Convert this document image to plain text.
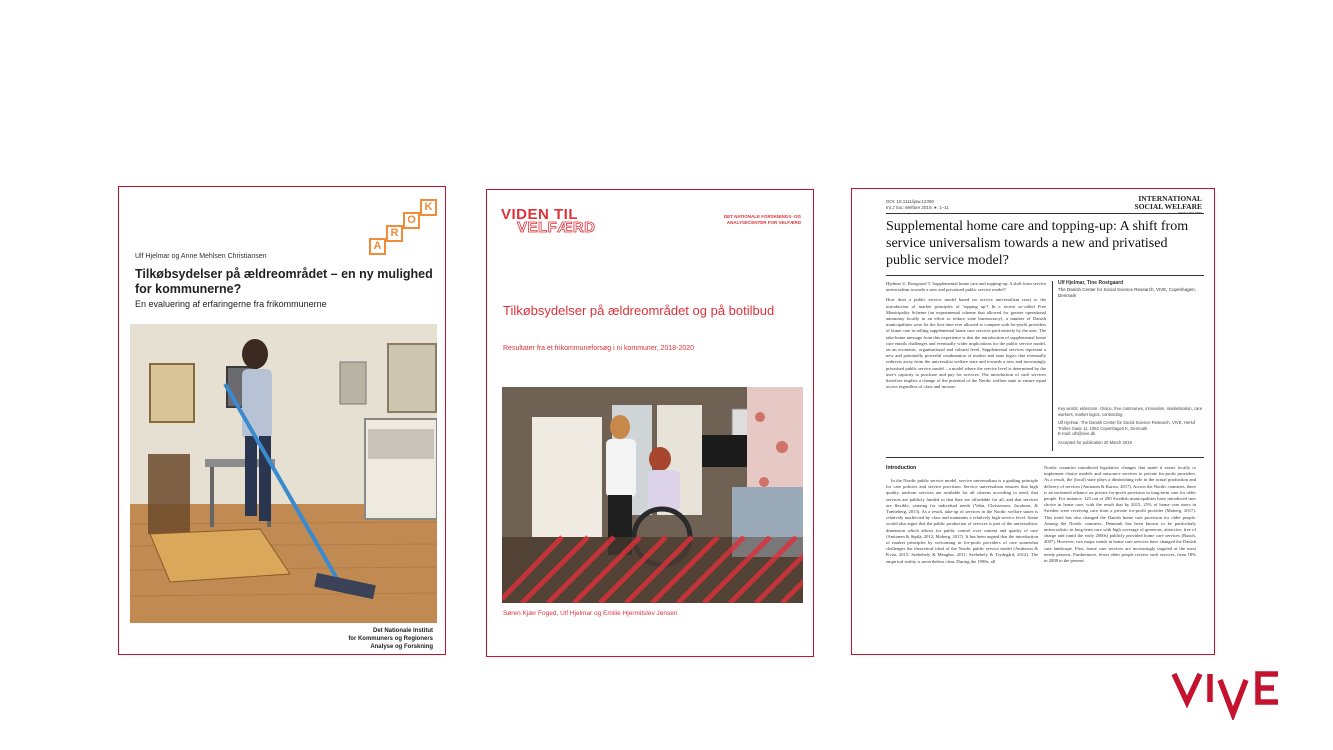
K
O
R
A
Ulf Hjelmar og Anne Mehlsen Christiansen
Tilkøbsydelser på ældreområdet – en ny mulighed for kommunerne?
En evaluering af erfaringerne fra frikommunerne
Det Nationale Institut
for Kommuners og Regioners
Analyse og Forskning
VIDEN TIL
VELFÆRD
DET NATIONALE FORSKNINGS- OG ANALYSECENTER FOR VELFÆRD
Tilkøbsydelser på ældreområdet og på botilbud
Resultater fra et frikommuneforsøg i ni kommuner, 2018-2020
Søren Kjær Foged, Ulf Hjelmar og Emilie Hjermitslev Jensen
DOI: 10.1111/ijsw.12390
Int J Soc Welfare 2019: ●: 1–11
INTERNATIONAL
SOCIAL WELFARE
ISSN 1369-6866
Supplemental home care and topping-up: A shift from service universalism towards a new and privatised public service model?
Hjelmar U, Rostgaard T. Supplemental home care and topping-up: A shift from service universalism towards a new and privatised public service model?
How does a public service model based on service universalism react to the introduction of market principles of 'topping up'? In a recent so-called Free Municipality Scheme (an experimental scheme that allowed for greater operational autonomy locally in an effort to reduce state bureaucracy), a number of Danish municipalities were for the first time ever allowed to compete with for-profit providers of home care in selling supplemental home care services paid entirely by the user. The take-home message from this experience is that the introduction of supplemental home care entails challenges and eventually wider implications for the public service model, on an economic, organisational and cultural level. Supplemental services represent a new and potentially powerful combination of market and state logics that eventually redirects away from the universalist welfare state and towards a new and increasingly privatised public service model – a model where the service level is determined by the user's capacity to purchase and pay for services. The introduction of such services therefore implies a change of the potential of the Nordic welfare state to ensure equal access regardless of class and income.
Ulf Hjelmar, Tine Rostgaard
The Danish Center for Social Science Research, VIVE, Copenhagen, Denmark
Key words: eldercare, choice, free communes, innovation, marketisation, care workers, market logics, contracting
Ulf Hjelmar, The Danish Center for Social Science Research, VIVE, Herluf Trolles Gade 11, 1052 Copenhagen K, Denmark
E-mail: ulh@vive.dk
Accepted for publication 20 March 2019
Introduction

In the Nordic public service model, service universalism is a guiding principle for care policies and service provision. Service universalism ensures that high quality, uniform services are available for all citizens according to need, that services are publicly funded so that they are affordable for all, and that services are flexible, catering for individual needs (Vabø, Christensen, Jacobsen, & Trætteberg, 2013). As a result, take-up of services in the Nordic welfare states is relatively unaffected by class and maintains a relatively high service level. Some would also argue that the public production of services is part of the universalistic dimension which allows for public control over content and quality of care (Anttonen & Sipilä, 2012; Moberg, 2017). It has been argued that the introduction of market principles by welcoming in for-profit providers of care somewhat challenges the theoretical ideal of the Nordic public service model (Anderson & Kvist, 2015; Szebehely & Meagher, 2011; Szebehely & Trydegård, 2012). The empirical reality is nevertheless clear. During the 1990s, all

Nordic countries introduced legislative changes that made it easier locally to implement choice models and outsource services to private for-profit providers. As a result, the (local) state plays a diminishing role in the actual production and delivery of services (Anttonen & Karsio, 2017). Across the Nordic countries, there is an increased reliance on private for-profit provision in long-term care for older people. For instance, 123 out of 290 Swedish municipalities have introduced user choice in home care, with the result that by 2015, 25% of home care users in Sweden were receiving care from a private for-profit provider (Moberg, 2017). This trend has also changed the Danish home care provision for older people. Among the Nordic countries, Denmark has been known to be particularly universalistic in long-term care with high coverage of generous, attractive, free of charge and (until the early 2000s) publicly provided home care services (Rauch, 2007). However, two major trends in home care services have changed the Danish care landscape. First, home care services are increasingly targeted at the most needy persons. Furthermore, fewer older people receive such services, from 18% in 2008 to the present
